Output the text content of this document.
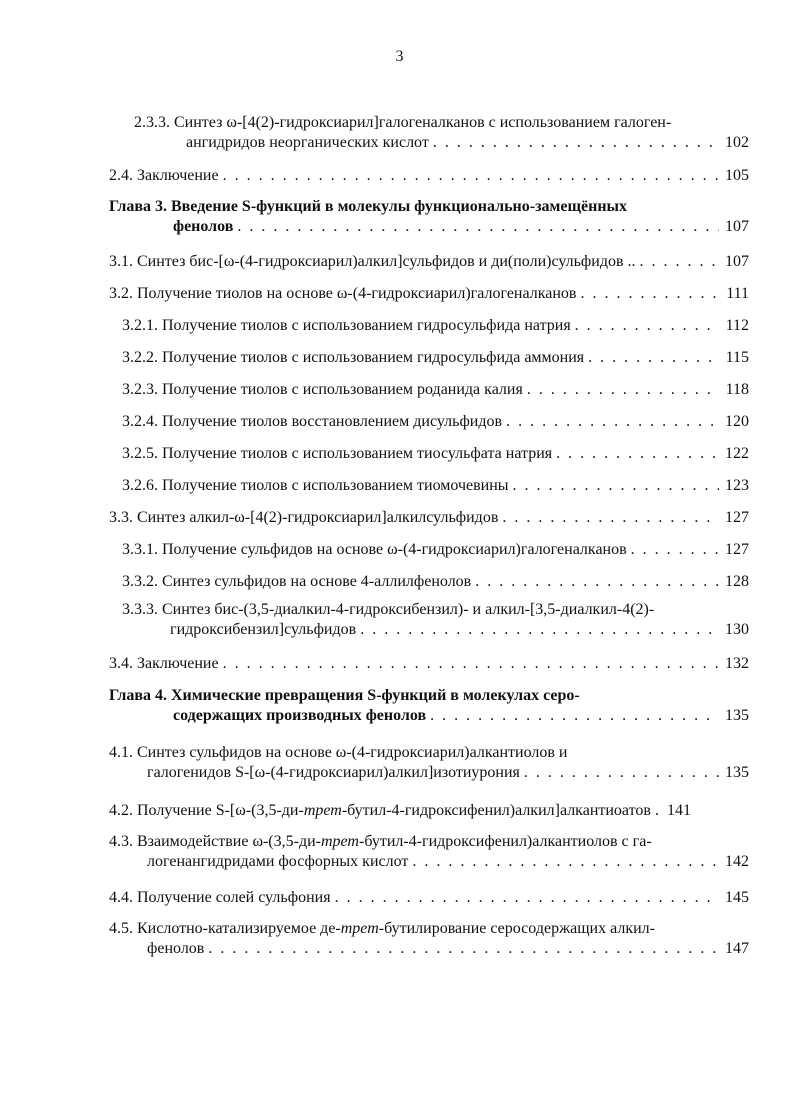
3
2.3.3. Синтез ω-[4(2)-гидроксиарил]галогеналканов с использованием галоген-
ангидридов неорганических кислот . . .	102
2.4. Заключение . . .	105
Глава 3. Введение S-функций в молекулы функционально-замещённых
фенолов . . .	107
3.1. Синтез бис-[ω-(4-гидроксиарил)алкил]сульфидов и ди(поли)сульфидов .. . . .	107
3.2. Получение тиолов на основе ω-(4-гидроксиарил)галогеналканов . . .	111
3.2.1. Получение тиолов с использованием гидросульфида натрия . . .	112
3.2.2. Получение тиолов с использованием гидросульфида аммония . . .	115
3.2.3. Получение тиолов с использованием роданида калия . . .	118
3.2.4. Получение тиолов восстановлением дисульфидов . . .	120
3.2.5. Получение тиолов с использованием тиосульфата натрия . . .	122
3.2.6. Получение тиолов с использованием тиомочевины . . .	123
3.3. Синтез алкил-ω-[4(2)-гидроксиарил]алкилсульфидов . . .	127
3.3.1. Получение сульфидов на основе ω-(4-гидроксиарил)галогеналканов . . .	127
3.3.2. Синтез сульфидов на основе 4-аллилфенолов . . .	128
3.3.3. Синтез бис-(3,5-диалкил-4-гидроксибензил)- и алкил-[3,5-диалкил-4(2)-
гидроксибензил]сульфидов . . .	130
3.4. Заключение . . .	132
Глава 4. Химические превращения S-функций в молекулах серо-
содержащих производных фенолов . . .	135
4.1. Синтез сульфидов на основе ω-(4-гидроксиарил)алкантиолов и
галогенидов S-[ω-(4-гидроксиарил)алкил]изотиурония . . .	135
4.2. Получение S-[ω-(3,5-ди-трет-бутил-4-гидроксифенил)алкил]алкантиоатов . 141
4.3. Взаимодействие ω-(3,5-ди-трет-бутил-4-гидроксифенил)алкантиолов с га-
логенангидридами фосфорных кислот . . .	142
4.4. Получение солей сульфония . . .	145
4.5. Кислотно-катализируемое де-трет-бутилирование серосодержащих алкил-
фенолов . . .	147
